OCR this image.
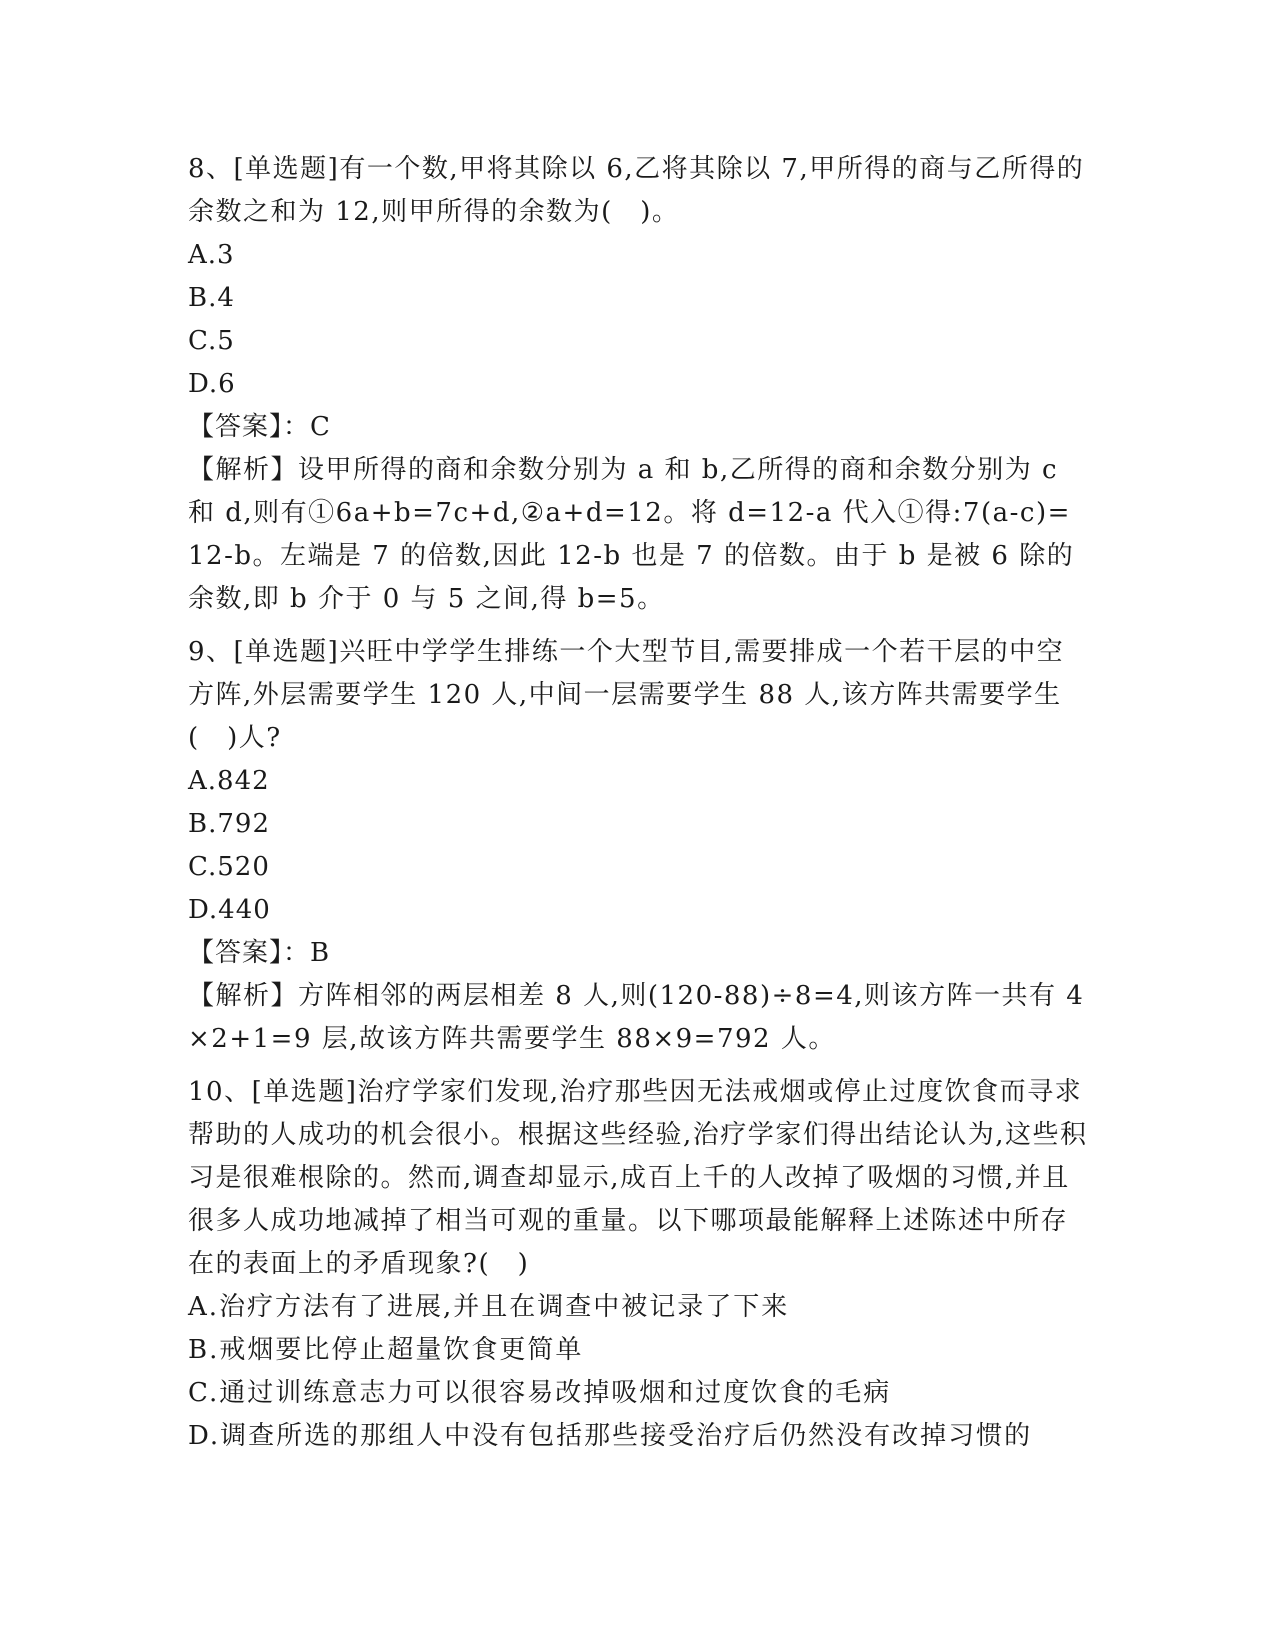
8、[单选题]有一个数,甲将其除以 6,乙将其除以 7,甲所得的商与乙所得的余数之和为 12,则甲所得的余数为(　)。

A.3

B.4

C.5

D.6

【答案】：C

【解析】设甲所得的商和余数分别为 a 和 b,乙所得的商和余数分别为 c 和 d,则有①6a+b=7c+d,②a+d=12。将 d=12-a 代入①得:7(a-c)=12-b。左端是 7 的倍数,因此 12-b 也是 7 的倍数。由于 b 是被 6 除的余数,即 b 介于 0 与 5 之间,得 b=5。

9、[单选题]兴旺中学学生排练一个大型节目,需要排成一个若干层的中空方阵,外层需要学生 120 人,中间一层需要学生 88 人,该方阵共需要学生(　)人?

A.842

B.792

C.520

D.440

【答案】：B

【解析】方阵相邻的两层相差 8 人,则(120-88)÷8=4,则该方阵一共有 4×2+1=9 层,故该方阵共需要学生 88×9=792 人。

10、[单选题]治疗学家们发现,治疗那些因无法戒烟或停止过度饮食而寻求帮助的人成功的机会很小。根据这些经验,治疗学家们得出结论认为,这些积习是很难根除的。然而,调查却显示,成百上千的人改掉了吸烟的习惯,并且很多人成功地减掉了相当可观的重量。以下哪项最能解释上述陈述中所存在的表面上的矛盾现象?(　)

A.治疗方法有了进展,并且在调查中被记录了下来

B.戒烟要比停止超量饮食更简单

C.通过训练意志力可以很容易改掉吸烟和过度饮食的毛病

D.调查所选的那组人中没有包括那些接受治疗后仍然没有改掉习惯的
